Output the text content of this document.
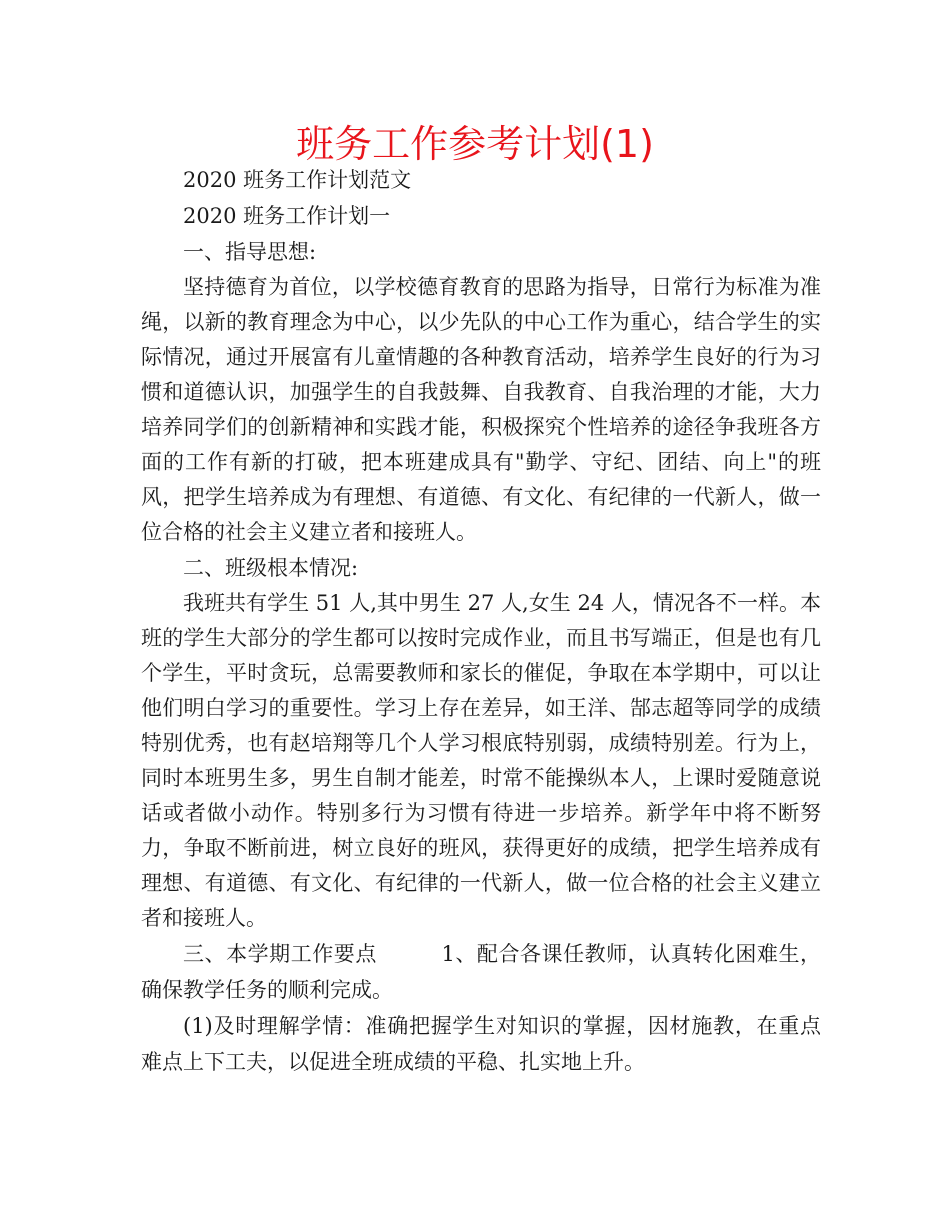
班务工作参考计划(1)

2020 班务工作计划范文

2020 班务工作计划一

一、指导思想:

坚持德育为首位，以学校德育教育的思路为指导，日常行为标准为准绳，以新的教育理念为中心，以少先队的中心工作为重心，结合学生的实际情况，通过开展富有儿童情趣的各种教育活动，培养学生良好的行为习惯和道德认识，加强学生的自我鼓舞、自我教育、自我治理的才能，大力培养同学们的创新精神和实践才能，积极探究个性培养的途径争我班各方面的工作有新的打破，把本班建成具有"勤学、守纪、团结、向上"的班风，把学生培养成为有理想、有道德、有文化、有纪律的一代新人，做一位合格的社会主义建立者和接班人。

二、班级根本情况:

我班共有学生 51 人,其中男生 27 人,女生 24 人，情况各不一样。本班的学生大部分的学生都可以按时完成作业，而且书写端正，但是也有几个学生，平时贪玩，总需要教师和家长的催促，争取在本学期中，可以让他们明白学习的重要性。学习上存在差异，如王洋、郜志超等同学的成绩特别优秀，也有赵培翔等几个人学习根底特别弱，成绩特别差。行为上，同时本班男生多，男生自制才能差，时常不能操纵本人，上课时爱随意说话或者做小动作。特别多行为习惯有待进一步培养。新学年中将不断努力，争取不断前进，树立良好的班风，获得更好的成绩，把学生培养成有理想、有道德、有文化、有纪律的一代新人，做一位合格的社会主义建立者和接班人。

三、本学期工作要点　　　1、配合各课任教师，认真转化困难生，确保教学任务的顺利完成。

(1)及时理解学情：准确把握学生对知识的掌握，因材施教，在重点难点上下工夫，以促进全班成绩的平稳、扎实地上升。
